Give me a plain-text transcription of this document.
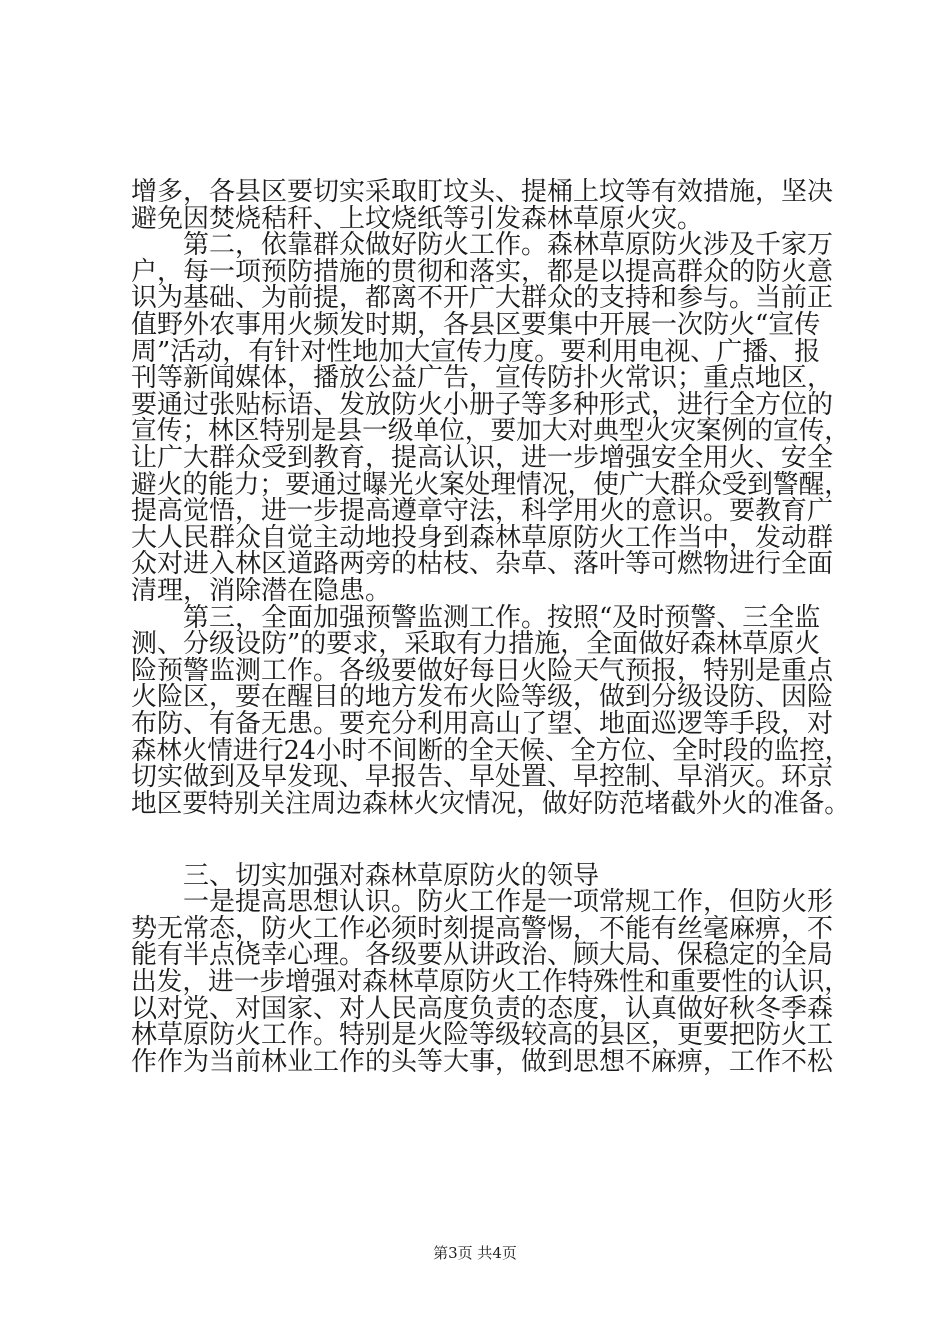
增多，各县区要切实采取盯坟头、提桶上坟等有效措施，坚决
避免因焚烧秸秆、上坟烧纸等引发森林草原火灾。
　　第二，依靠群众做好防火工作。森林草原防火涉及千家万
户，每一项预防措施的贯彻和落实，都是以提高群众的防火意
识为基础、为前提，都离不开广大群众的支持和参与。当前正
值野外农事用火频发时期，各县区要集中开展一次防火“宣传
周”活动，有针对性地加大宣传力度。要利用电视、广播、报
刊等新闻媒体，播放公益广告，宣传防扑火常识；重点地区，
要通过张贴标语、发放防火小册子等多种形式，进行全方位的
宣传；林区特别是县一级单位，要加大对典型火灾案例的宣传，
让广大群众受到教育，提高认识，进一步增强安全用火、安全
避火的能力；要通过曝光火案处理情况，使广大群众受到警醒，
提高觉悟，进一步提高遵章守法，科学用火的意识。要教育广
大人民群众自觉主动地投身到森林草原防火工作当中，发动群
众对进入林区道路两旁的枯枝、杂草、落叶等可燃物进行全面
清理，消除潜在隐患。
　　第三，全面加强预警监测工作。按照“及时预警、三全监
测、分级设防”的要求，采取有力措施，全面做好森林草原火
险预警监测工作。各级要做好每日火险天气预报，特别是重点
火险区，要在醒目的地方发布火险等级，做到分级设防、因险
布防、有备无患。要充分利用高山了望、地面巡逻等手段，对
森林火情进行24小时不间断的全天候、全方位、全时段的监控，
切实做到及早发现、早报告、早处置、早控制、早消灭。环京
地区要特别关注周边森林火灾情况，做好防范堵截外火的准备。
　　三、切实加强对森林草原防火的领导
　　一是提高思想认识。防火工作是一项常规工作，但防火形
势无常态，防火工作必须时刻提高警惕，不能有丝毫麻痹，不
能有半点侥幸心理。各级要从讲政治、顾大局、保稳定的全局
出发，进一步增强对森林草原防火工作特殊性和重要性的认识，
以对党、对国家、对人民高度负责的态度，认真做好秋冬季森
林草原防火工作。特别是火险等级较高的县区，更要把防火工
作作为当前林业工作的头等大事，做到思想不麻痹，工作不松
第3页 共4页
